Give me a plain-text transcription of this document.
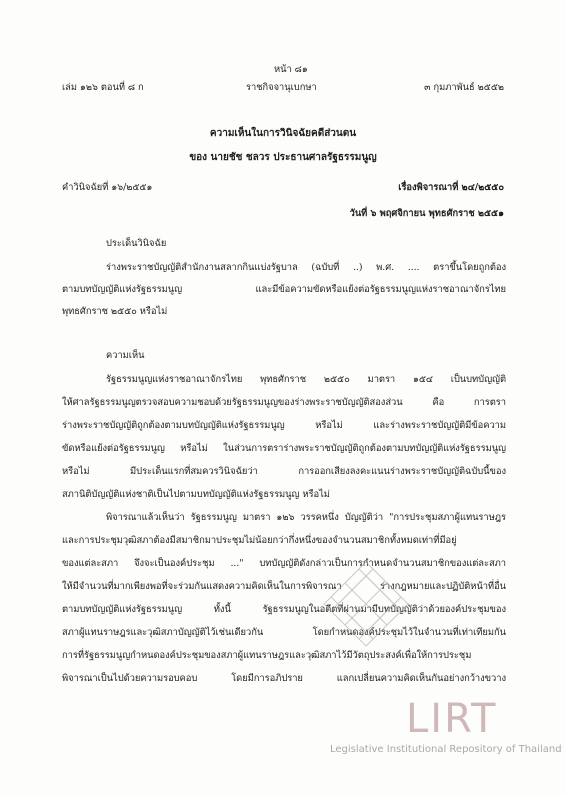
หน้า ๘๑
เล่ม ๑๒๖ ตอนที่ ๘ ก	ราชกิจจานุเบกษา	๓ กุมภาพันธ์ ๒๕๕๒
ความเห็นในการวินิจฉัยคดีส่วนตน
ของ นายชัช ชลวร ประธานศาลรัฐธรรมนูญ
คำวินิจฉัยที่ ๑๖/๒๕๕๑	เรื่องพิจารณาที่ ๒๔/๒๕๕๐
วันที่ ๖ พฤศจิกายน พุทธศักราช ๒๕๕๑
ประเด็นวินิจฉัย
ร่างพระราชบัญญัติสำนักงานสลากกินแบ่งรัฐบาล (ฉบับที่ ..) พ.ศ. .... ตราขึ้นโดยถูกต้อง
ตามบทบัญญัติแห่งรัฐธรรมนูญ และมีข้อความขัดหรือแย้งต่อรัฐธรรมนูญแห่งราชอาณาจักรไทย
พุทธศักราช ๒๕๕๐ หรือไม่
ความเห็น
รัฐธรรมนูญแห่งราชอาณาจักรไทย พุทธศักราช ๒๕๕๐ มาตรา ๑๕๔ เป็นบทบัญญัติ
ให้ศาลรัฐธรรมนูญตรวจสอบความชอบด้วยรัฐธรรมนูญของร่างพระราชบัญญัติสองส่วน คือ การตรา
ร่างพระราชบัญญัติถูกต้องตามบทบัญญัติแห่งรัฐธรรมนูญ หรือไม่ และร่างพระราชบัญญัติมีข้อความ
ขัดหรือแย้งต่อรัฐธรรมนูญ หรือไม่ ในส่วนการตราร่างพระราชบัญญัติถูกต้องตามบทบัญญัติแห่งรัฐธรรมนูญ
หรือไม่ มีประเด็นแรกที่สมควรวินิจฉัยว่า การออกเสียงลงคะแนนร่างพระราชบัญญัติฉบับนี้ของ
สภานิติบัญญัติแห่งชาติเป็นไปตามบทบัญญัติแห่งรัฐธรรมนูญ หรือไม่
พิจารณาแล้วเห็นว่า รัฐธรรมนูญ มาตรา ๑๒๖ วรรคหนึ่ง บัญญัติว่า "การประชุมสภาผู้แทนราษฎร
และการประชุมวุฒิสภาต้องมีสมาชิกมาประชุมไม่น้อยกว่ากึ่งหนึ่งของจำนวนสมาชิกทั้งหมดเท่าที่มีอยู่
ของแต่ละสภา จึงจะเป็นองค์ประชุม ..." บทบัญญัติดังกล่าวเป็นการกำหนดจำนวนสมาชิกของแต่ละสภา
ให้มีจำนวนที่มากเพียงพอที่จะร่วมกันแสดงความคิดเห็นในการพิจารณา ร่างกฎหมายและปฏิบัติหน้าที่อื่น
ตามบทบัญญัติแห่งรัฐธรรมนูญ ทั้งนี้ รัฐธรรมนูญในอดีตที่ผ่านมามีบทบัญญัติว่าด้วยองค์ประชุมของ
สภาผู้แทนราษฎรและวุฒิสภาบัญญัติไว้เช่นเดียวกัน โดยกำหนดองค์ประชุมไว้ในจำนวนที่เท่าเทียมกัน
การที่รัฐธรรมนูญกำหนดองค์ประชุมของสภาผู้แทนราษฎรและวุฒิสภาไว้มีวัตถุประสงค์เพื่อให้การประชุม
พิจารณาเป็นไปด้วยความรอบคอบ โดยมีการอภิปราย แลกเปลี่ยนความคิดเห็นกันอย่างกว้างขวาง
LIRT
Legislative Institutional Repository of Thailand
